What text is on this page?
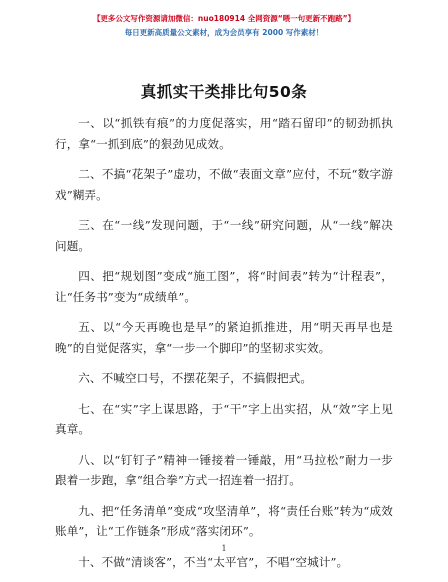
【更多公文写作资源请加微信：nuo180914 全网资源“喂一句更新不跑路”】
每日更新高质量公文素材，成为会员享有 2000 写作素材！
真抓实干类排比句50条

一、以“抓铁有痕”的力度促落实，用“踏石留印”的韧劲抓执行，拿“一抓到底”的狠劲见成效。

二、不搞“花架子”虚功，不做“表面文章”应付，不玩“数字游戏”糊弄。

三、在“一线”发现问题，于“一线”研究问题，从“一线”解决问题。

四、把“规划图”变成“施工图”，将“时间表”转为“计程表”，让“任务书”变为“成绩单”。

五、以“今天再晚也是早”的紧迫抓推进，用“明天再早也是晚”的自觉促落实，拿“一步一个脚印”的坚韧求实效。

六、不喊空口号，不摆花架子，不搞假把式。

七、在“实”字上谋思路，于“干”字上出实招，从“效”字上见真章。

八、以“钉钉子”精神一锤接着一锤敲，用“马拉松”耐力一步跟着一步跑，拿“组合拳”方式一招连着一招打。

九、把“任务清单”变成“攻坚清单”，将“责任台账”转为“成效账单”，让“工作链条”形成“落实闭环”。

十、不做“清谈客”，不当“太平官”，不唱“空城计”。

1
